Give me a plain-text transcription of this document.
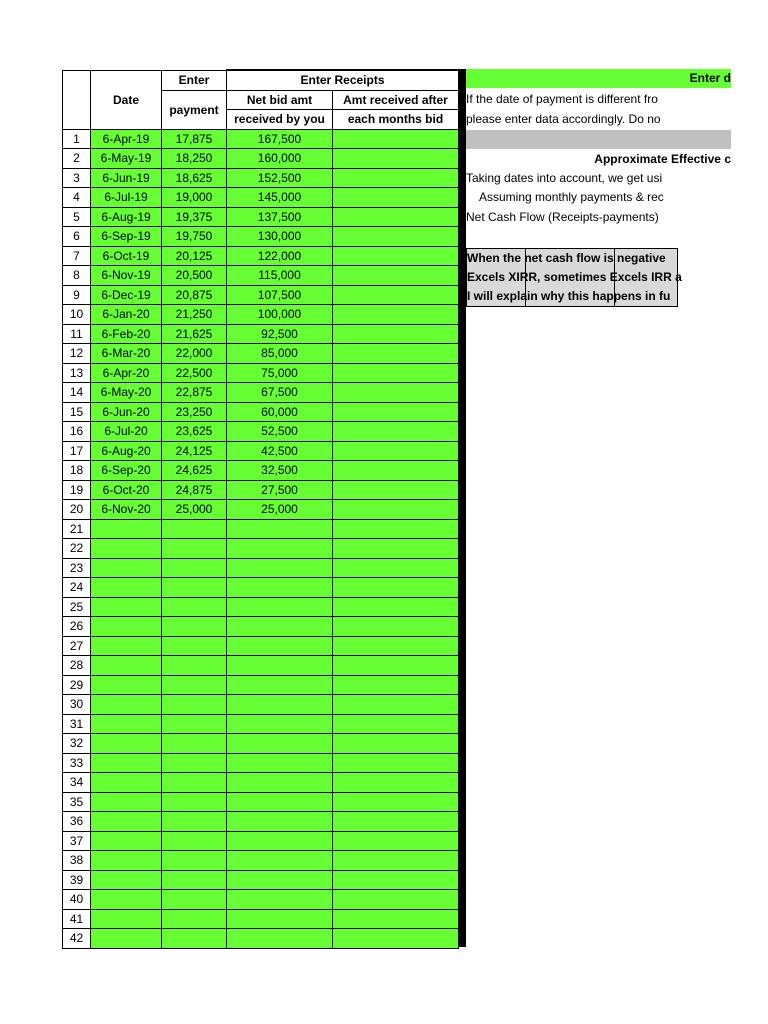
	Date	Enter	Enter Receipts	
		payment	Net bid amt	Amt received after
			received by you	each months bid
1	6-Apr-19	17,875	167,500	
2	6-May-19	18,250	160,000	
3	6-Jun-19	18,625	152,500	
4	6-Jul-19	19,000	145,000	
5	6-Aug-19	19,375	137,500	
6	6-Sep-19	19,750	130,000	
7	6-Oct-19	20,125	122,000	
8	6-Nov-19	20,500	115,000	
9	6-Dec-19	20,875	107,500	
10	6-Jan-20	21,250	100,000	
11	6-Feb-20	21,625	92,500	
12	6-Mar-20	22,000	85,000	
13	6-Apr-20	22,500	75,000	
14	6-May-20	22,875	67,500	
15	6-Jun-20	23,250	60,000	
16	6-Jul-20	23,625	52,500	
17	6-Aug-20	24,125	42,500	
18	6-Sep-20	24,625	32,500	
19	6-Oct-20	24,875	27,500	
20	6-Nov-20	25,000	25,000	
21				
22				
23				
24				
25				
26				
27				
28				
29				
30				
31				
32				
33				
34				
35				
36				
37				
38				
39				
40				
41				
42				
Enter d
If the date of payment is different fro
please enter data accordingly. Do no
Approximate Effective c
Taking dates into account, we get usi
Assuming monthly payments & rec
Net Cash Flow (Receipts-payments)
When the net cash flow is negative
Excels XIRR, sometimes Excels IRR a
I will explain why this happens in fu
